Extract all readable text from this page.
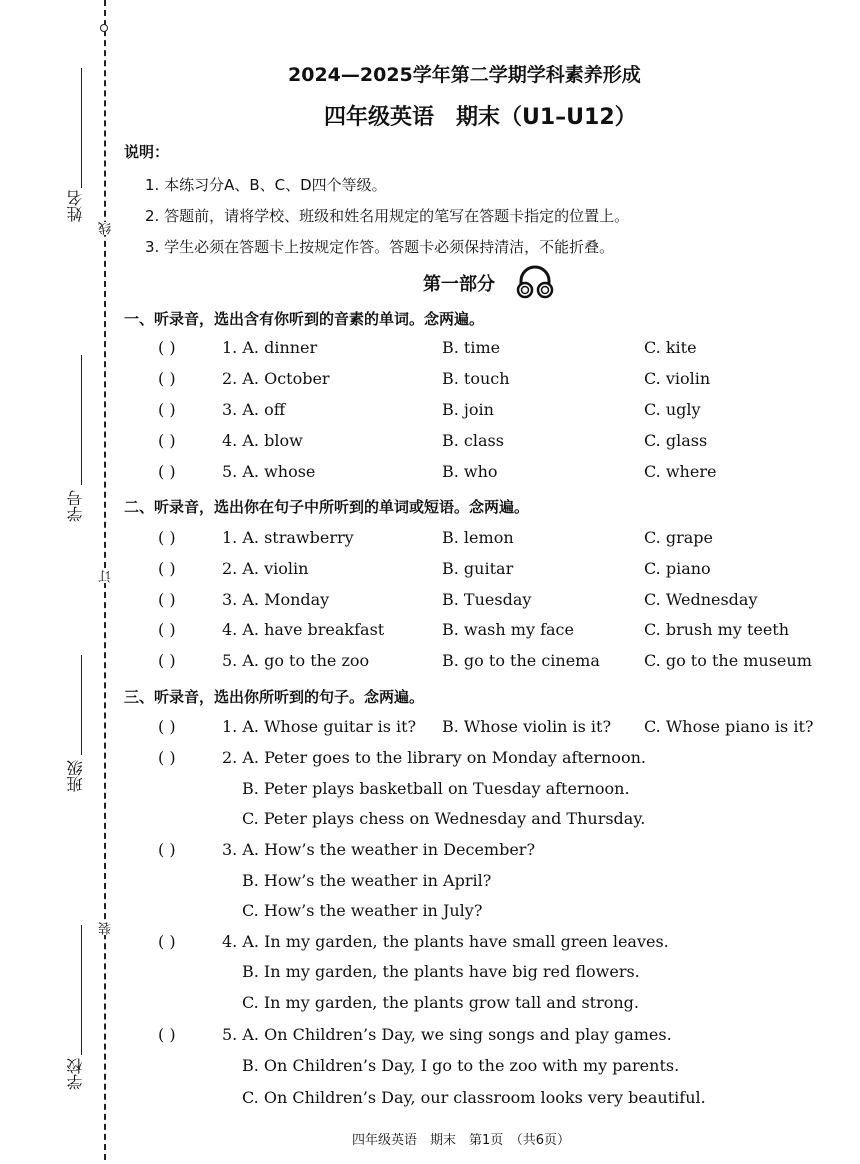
姓名
线
学号
订
班级
装
学校
2024—2025学年第二学期学科素养形成
四年级英语　期末（U1–U12）
说明：
1. 本练习分A、B、C、D四个等级。
2. 答题前，请将学校、班级和姓名用规定的笔写在答题卡指定的位置上。
3. 学生必须在答题卡上按规定作答。答题卡必须保持清洁，不能折叠。
第一部分
一、听录音，选出含有你听到的音素的单词。念两遍。
( )	1. A. dinner	B. time	C. kite
( )	2. A. October	B. touch	C. violin
( )	3. A. off	B. join	C. ugly
( )	4. A. blow	B. class	C. glass
( )	5. A. whose	B. who	C. where
二、听录音，选出你在句子中所听到的单词或短语。念两遍。
( )	1. A. strawberry	B. lemon	C. grape
( )	2. A. violin	B. guitar	C. piano
( )	3. A. Monday	B. Tuesday	C. Wednesday
( )	4. A. have breakfast	B. wash my face	C. brush my teeth
( )	5. A. go to the zoo	B. go to the cinema	C. go to the museum
三、听录音，选出你所听到的句子。念两遍。
( )	1. A. Whose guitar is it? B. Whose violin is it? C. Whose piano is it?
( )	2. A. Peter goes to the library on Monday afternoon.
B. Peter plays basketball on Tuesday afternoon.
C. Peter plays chess on Wednesday and Thursday.
( )	3. A. How’s the weather in December?
B. How’s the weather in April?
C. How’s the weather in July?
( )	4. A. In my garden, the plants have small green leaves.
B. In my garden, the plants have big red flowers.
C. In my garden, the plants grow tall and strong.
( )	5. A. On Children’s Day, we sing songs and play games.
B. On Children’s Day, I go to the zoo with my parents.
C. On Children’s Day, our classroom looks very beautiful.
四年级英语　期末　第1页　（共6页）
